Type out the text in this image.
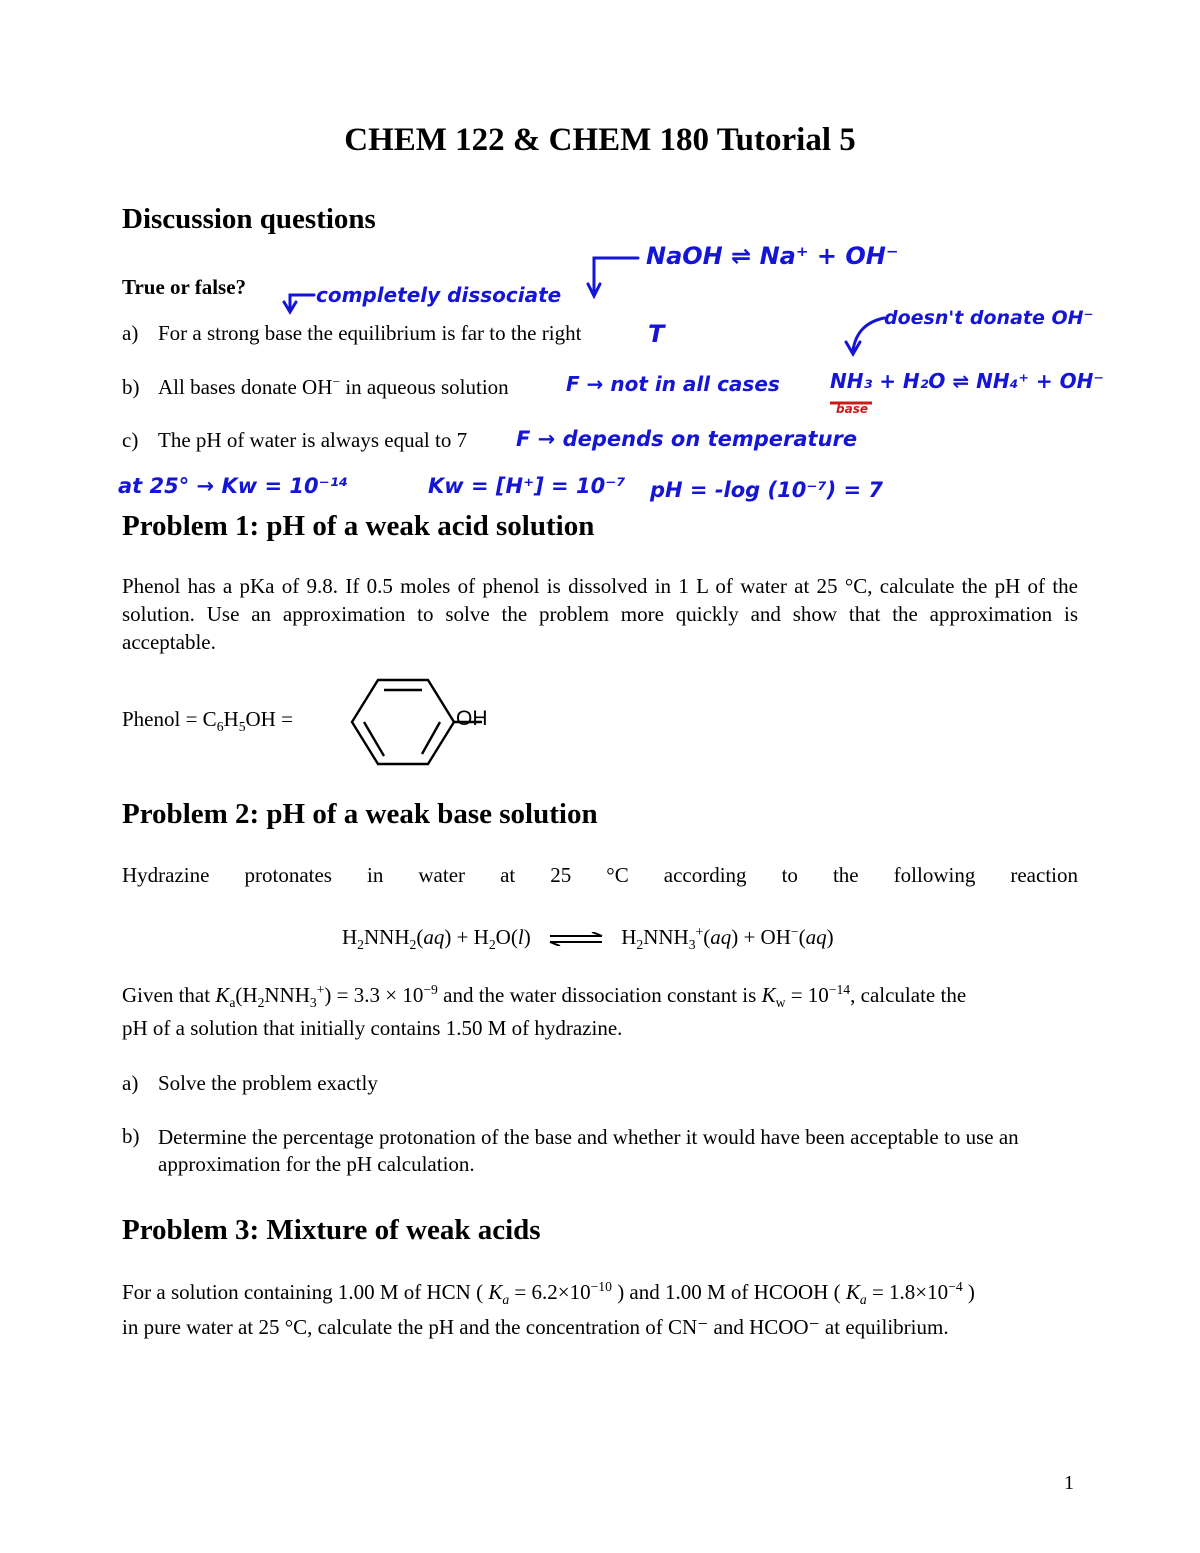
CHEM 122 & CHEM 180 Tutorial 5
Discussion questions
True or false?
a) For a strong base the equilibrium is far to the right
b) All bases donate OH− in aqueous solution
c) The pH of water is always equal to 7
NaOH ⇌ Na⁺ + OH⁻
completely dissociate
T
doesn't donate OH⁻
F → not in all cases	NH₃ + H₂O ⇌ NH₄⁺ + OH⁻
base
F → depends on temperature
at 25° → Kw = 10⁻¹⁴	Kw = [H⁺] = 10⁻⁷ pH = -log (10⁻⁷) = 7
Problem 1: pH of a weak acid solution
Phenol has a pKa of 9.8. If 0.5 moles of phenol is dissolved in 1 L of water at 25 °C, calculate the pH of the solution. Use an approximation to solve the problem more quickly and show that the approximation is acceptable.
Phenol = $C_6H_5OH$ =	OH
Problem 2: pH of a weak base solution
Hydrazine protonates in water at 25 °C according to the following reaction
$H_2NNH_2(aq) + H_2O(l)$ ⇌ $H_2NNH_3^+(aq) + OH^-(aq)$
Given that $K_a(H_2NNH_3^+) = 3.3 \times 10^{-9}$ and the water dissociation constant is $K_w = 10^{-14}$, calculate the
pH of a solution that initially contains 1.50 M of hydrazine.
a) Solve the problem exactly
b) Determine the percentage protonation of the base and whether it would have been acceptable to use an approximation for the pH calculation.
Problem 3: Mixture of weak acids
For a solution containing 1.00 M of HCN ( $K_a = 6.2\times 10^{-10}$ ) and 1.00 M of HCOOH ( $K_a = 1.8\times 10^{-4}$ )
in pure water at 25 °C, calculate the pH and the concentration of CN⁻ and HCOO⁻ at equilibrium.
1
